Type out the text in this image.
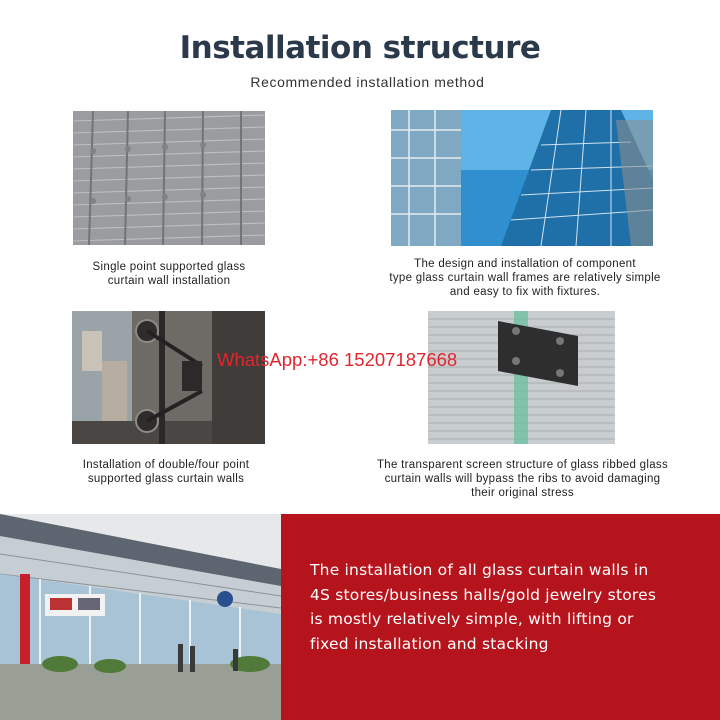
Installation structure
Recommended installation method
Single point supported glass
curtain wall installation
The design and installation of component
type glass curtain wall frames are relatively simple
and easy to fix with fixtures.
WhatsApp:+86 15207187668
Installation of double/four point
supported glass curtain walls
The transparent screen structure of glass ribbed glass
curtain walls will bypass the ribs to avoid damaging
their original stress
The installation of all glass curtain walls in
4S stores/business halls/gold jewelry stores
is mostly relatively simple, with lifting or
fixed installation and stacking
